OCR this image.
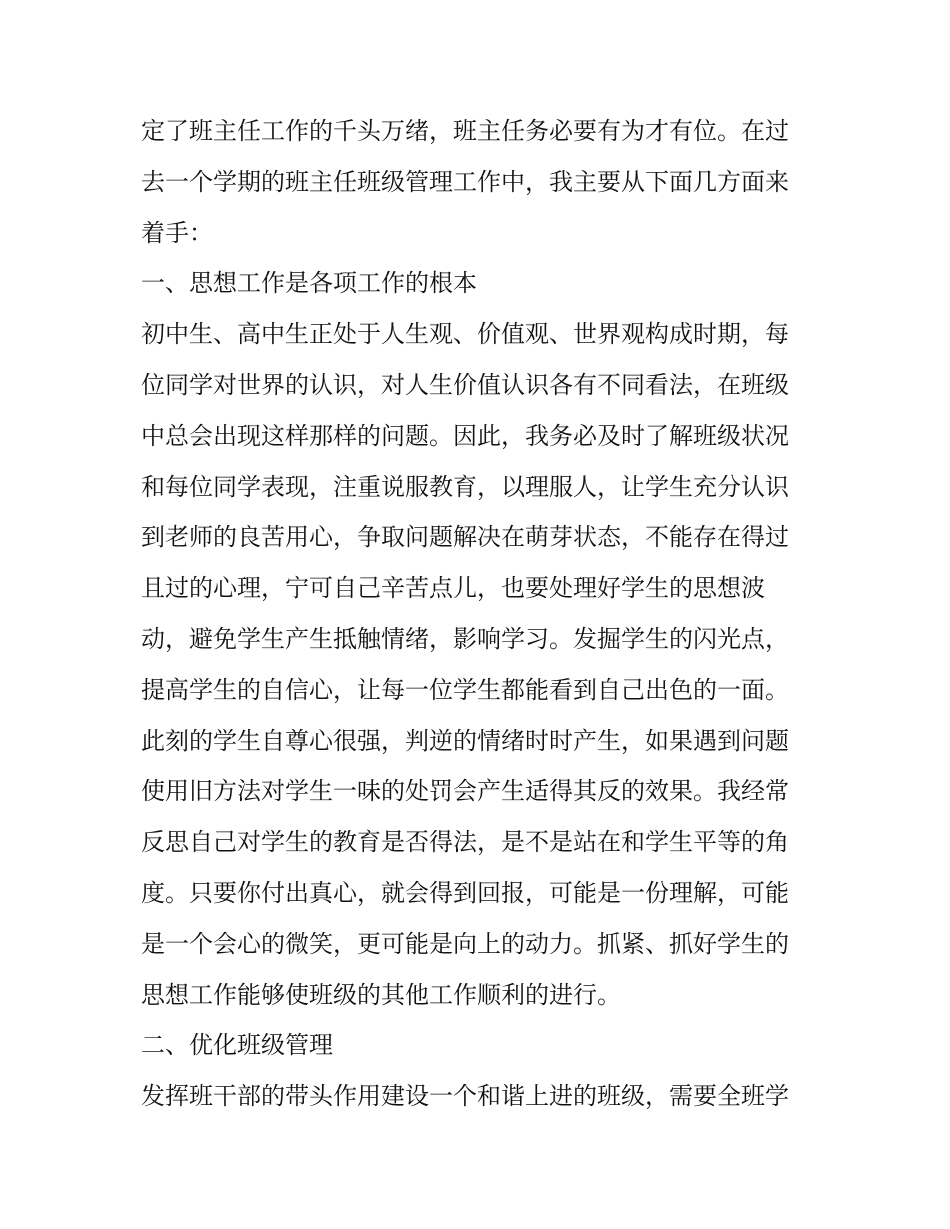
定了班主任工作的千头万绪，班主任务必要有为才有位。在过
去一个学期的班主任班级管理工作中，我主要从下面几方面来
着手：
一、思想工作是各项工作的根本
初中生、高中生正处于人生观、价值观、世界观构成时期，每
位同学对世界的认识，对人生价值认识各有不同看法，在班级
中总会出现这样那样的问题。因此，我务必及时了解班级状况
和每位同学表现，注重说服教育，以理服人，让学生充分认识
到老师的良苦用心，争取问题解决在萌芽状态，不能存在得过
且过的心理，宁可自己辛苦点儿，也要处理好学生的思想波
动，避免学生产生抵触情绪，影响学习。发掘学生的闪光点，
提高学生的自信心，让每一位学生都能看到自己出色的一面。
此刻的学生自尊心很强，判逆的情绪时时产生，如果遇到问题
使用旧方法对学生一味的处罚会产生适得其反的效果。我经常
反思自己对学生的教育是否得法，是不是站在和学生平等的角
度。只要你付出真心，就会得到回报，可能是一份理解，可能
是一个会心的微笑，更可能是向上的动力。抓紧、抓好学生的
思想工作能够使班级的其他工作顺利的进行。
二、优化班级管理
发挥班干部的带头作用建设一个和谐上进的班级，需要全班学
